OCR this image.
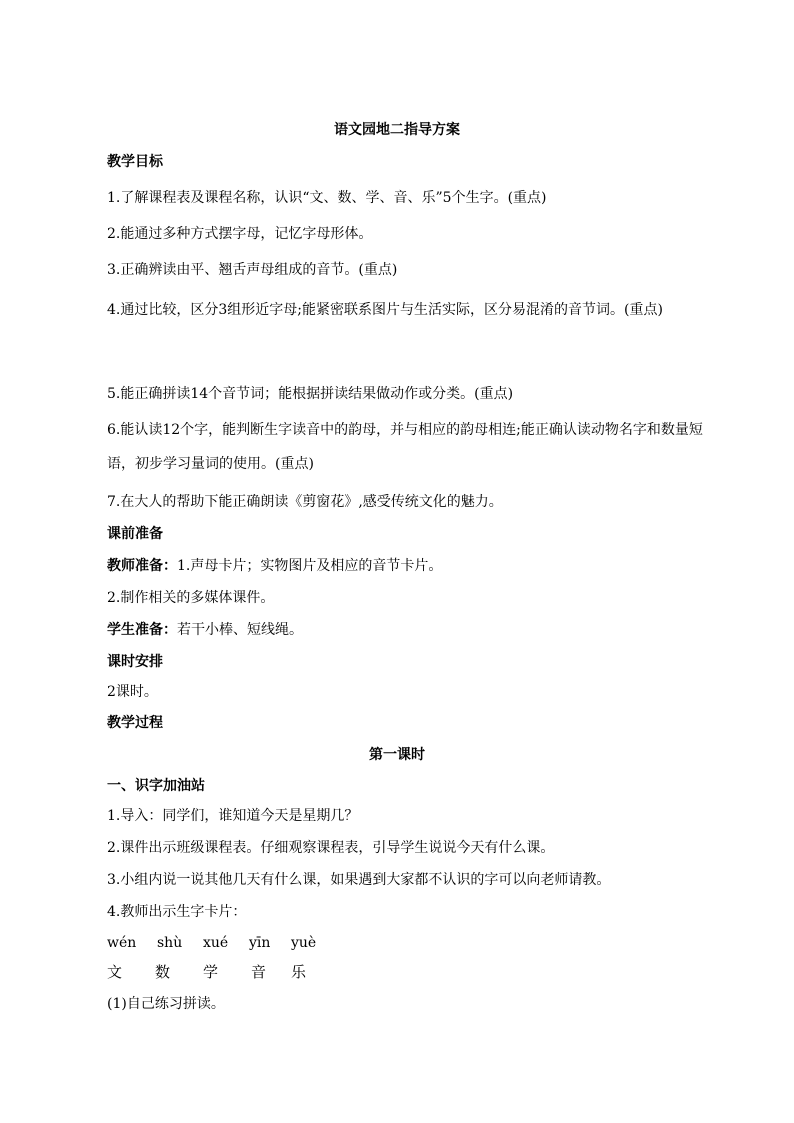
语文园地二指导方案
教学目标
1.了解课程表及课程名称，认识“文、数、学、音、乐”5个生字。(重点)
2.能通过多种方式摆字母，记忆字母形体。
3.正确辨读由平、翘舌声母组成的音节。(重点)
4.通过比较，区分3组形近字母;能紧密联系图片与生活实际，区分易混淆的音节词。(重点)
5.能正确拼读14个音节词；能根据拼读结果做动作或分类。(重点)
6.能认读12个字，能判断生字读音中的韵母，并与相应的韵母相连;能正确认读动物名字和数量短语，初步学习量词的使用。(重点)
7.在大人的帮助下能正确朗读《剪窗花》,感受传统文化的魅力。
课前准备
教师准备：1.声母卡片；实物图片及相应的音节卡片。
2.制作相关的多媒体课件。
学生准备：若干小棒、短线绳。
课时安排
2课时。
教学过程
第一课时
一、识字加油站
1.导入：同学们，谁知道今天是星期几？
2.课件出示班级课程表。仔细观察课程表，引导学生说说今天有什么课。
3.小组内说一说其他几天有什么课，如果遇到大家都不认识的字可以向老师请教。
4.教师出示生字卡片：
wén shù xué yīn yuè
文 数 学 音 乐
(1)自己练习拼读。
